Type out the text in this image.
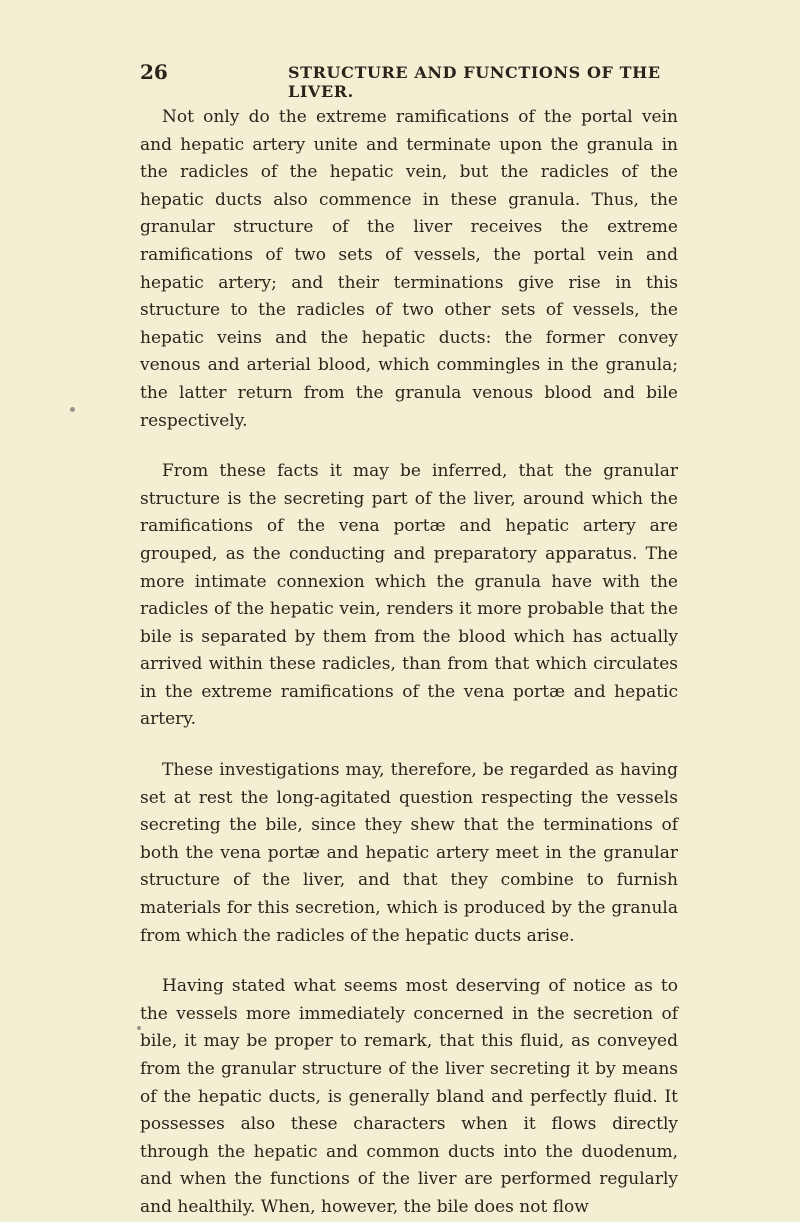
26	STRUCTURE AND FUNCTIONS OF THE LIVER.

Not only do the extreme ramifications of the portal vein and hepatic artery unite and terminate upon the granula in the radicles of the hepatic vein, but the radicles of the hepatic ducts also commence in these granula. Thus, the granular structure of the liver receives the extreme ramifications of two sets of vessels, the portal vein and hepatic artery; and their terminations give rise in this structure to the radicles of two other sets of vessels, the hepatic veins and the hepatic ducts: the former convey venous and arterial blood, which commingles in the granula; the latter return from the granula venous blood and bile respectively.

From these facts it may be inferred, that the granular structure is the secreting part of the liver, around which the ramifications of the vena portæ and hepatic artery are grouped, as the conducting and preparatory apparatus. The more intimate connexion which the granula have with the radicles of the hepatic vein, renders it more probable that the bile is separated by them from the blood which has actually arrived within these radicles, than from that which circulates in the extreme ramifications of the vena portæ and hepatic artery.

These investigations may, therefore, be regarded as having set at rest the long-agitated question respecting the vessels secreting the bile, since they shew that the terminations of both the vena portæ and hepatic artery meet in the granular structure of the liver, and that they combine to furnish materials for this secretion, which is produced by the granula from which the radicles of the hepatic ducts arise.

Having stated what seems most deserving of notice as to the vessels more immediately concerned in the secretion of bile, it may be proper to remark, that this fluid, as conveyed from the granular structure of the liver secreting it by means of the hepatic ducts, is generally bland and perfectly fluid. It possesses also these characters when it flows directly through the hepatic and common ducts into the duodenum, and when the functions of the liver are performed regularly and healthily. When, however, the bile does not flow
